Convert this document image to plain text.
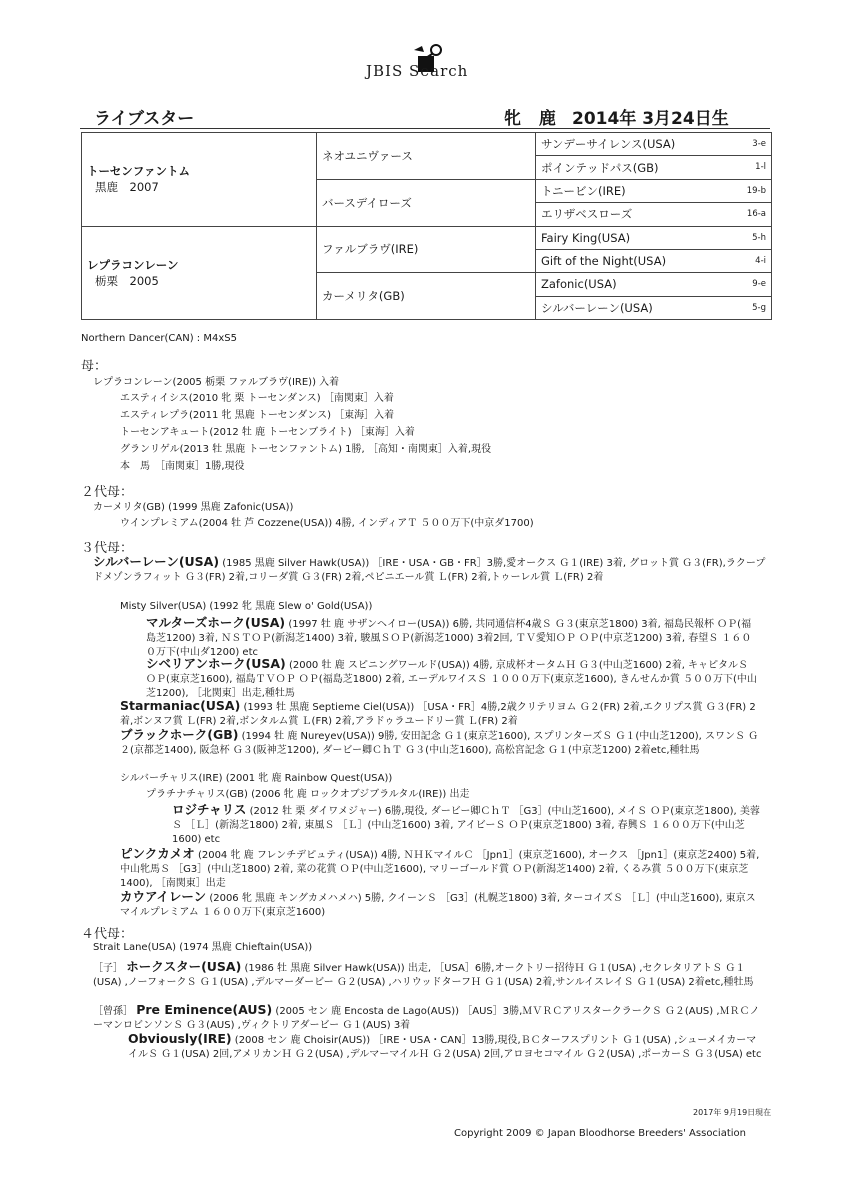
JBIS Search
ライブスター	牝 鹿 2014年 3月24日生
トーセンファントム
黒鹿　2007	ネオユニヴァース	サンデーサイレンス(USA) 3-e

		ポインテッドパス(GB) 1-l

	バースデイローズ	トニービン(IRE) 19-b

		エリザベスローズ 16-a

レプラコンレーン
栃栗　2005	ファルブラヴ(IRE)	Fairy King(USA) 5-h

		Gift of the Night(USA) 4-i

	カーメリタ(GB)	Zafonic(USA) 9-e

		シルバーレーン(USA) 5-g
Northern Dancer(CAN) : M4xS5
母：
レプラコンレーン(2005 栃栗 ファルブラヴ(IRE)) 入着
エスティイシス(2010 牝 栗 トーセンダンス) ［南関東］入着
エスティレプラ(2011 牝 黒鹿 トーセンダンス) ［東海］入着
トーセンアキュート(2012 牡 鹿 トーセンブライト) ［東海］入着
グランリゲル(2013 牡 黒鹿 トーセンファントム) 1勝, ［高知・南関東］入着,現役
本　馬　［南関東］1勝,現役
２代母：
カーメリタ(GB) (1999 黒鹿 Zafonic(USA))
ウインプレミアム(2004 牡 芦 Cozzene(USA)) 4勝, インディアＴ ５００万下(中京ダ1700)
３代母：
シルバーレーン(USA) (1985 黒鹿 Silver Hawk(USA)) ［IRE・USA・GB・FR］3勝,愛オークス Ｇ１(IRE) 3着, グロット賞 Ｇ３(FR),ラクープドメゾンラフィット Ｇ３(FR) 2着,コリーダ賞 Ｇ３(FR) 2着,ペピニエール賞 Ｌ(FR) 2着,トゥーレル賞 Ｌ(FR) 2着
Misty Silver(USA) (1992 牝 黒鹿 Slew o' Gold(USA))
マルターズホーク(USA) (1997 牡 鹿 サザンヘイロー(USA)) 6勝, 共同通信杯4歳Ｓ Ｇ３(東京芝1800) 3着, 福島民報杯 ＯＰ(福島芝1200) 3着, ＮＳＴＯＰ(新潟芝1400) 3着, 駿風ＳＯＰ(新潟芝1000) 3着2回, ＴＶ愛知ＯＰ ＯＰ(中京芝1200) 3着, 春望Ｓ １６００万下(中山ダ1200) etc
シベリアンホーク(USA) (2000 牡 鹿 スピニングワールド(USA)) 4勝, 京成杯オータムＨ Ｇ３(中山芝1600) 2着, キャピタルＳ ＯＰ(東京芝1600), 福島ＴＶＯＰ ＯＰ(福島芝1800) 2着, エーデルワイスＳ １０００万下(東京芝1600), きんせんか賞 ５００万下(中山芝1200), ［北関東］出走,種牡馬
Starmaniac(USA) (1993 牡 黒鹿 Septieme Ciel(USA)) ［USA・FR］4勝,2歳クリテリヨム Ｇ２(FR) 2着,エクリプス賞 Ｇ３(FR) 2着,ボンヌフ賞 Ｌ(FR) 2着,ボンタルム賞 Ｌ(FR) 2着,アラドゥラユードリー賞 Ｌ(FR) 2着
ブラックホーク(GB) (1994 牡 鹿 Nureyev(USA)) 9勝, 安田記念 Ｇ１(東京芝1600), スプリンターズＳ Ｇ１(中山芝1200), スワンＳ Ｇ２(京都芝1400), 阪急杯 Ｇ３(阪神芝1200), ダービー卿ＣｈＴ Ｇ３(中山芝1600), 高松宮記念 Ｇ１(中京芝1200) 2着etc,種牡馬
シルバーチャリス(IRE) (2001 牝 鹿 Rainbow Quest(USA))
プラチナチャリス(GB) (2006 牝 鹿 ロックオブジブラルタル(IRE)) 出走
ロジチャリス (2012 牡 栗 ダイワメジャー) 6勝,現役, ダービー卿ＣｈＴ ［G3］(中山芝1600), メイＳ ＯＰ(東京芝1800), 美蓉Ｓ ［Ｌ］(新潟芝1800) 2着, 東風Ｓ ［Ｌ］(中山芝1600) 3着, アイビーＳ ＯＰ(東京芝1800) 3着, 春興Ｓ １６００万下(中山芝1600) etc
ピンクカメオ (2004 牝 鹿 フレンチデピュティ(USA)) 4勝, ＮＨＫマイルＣ ［Jpn1］(東京芝1600), オークス ［Jpn1］(東京芝2400) 5着, 中山牝馬Ｓ ［G3］(中山芝1800) 2着, 菜の花賞 ＯＰ(中山芝1600), マリーゴールド賞 ＯＰ(新潟芝1400) 2着, くるみ賞 ５００万下(東京芝1400), ［南関東］出走
カウアイレーン (2006 牝 黒鹿 キングカメハメハ) 5勝, クイーンＳ ［G3］(札幌芝1800) 3着, ターコイズＳ ［Ｌ］(中山芝1600), 東京スマイルプレミアム １６００万下(東京芝1600)
４代母：
Strait Lane(USA) (1974 黒鹿 Chieftain(USA))
［子］ ホークスター(USA) (1986 牡 黒鹿 Silver Hawk(USA)) 出走, ［USA］6勝,オークトリー招待Ｈ Ｇ１(USA) ,セクレタリアトＳ Ｇ１(USA) ,ノーフォークＳ Ｇ１(USA) ,デルマーダービー Ｇ２(USA) ,ハリウッドターフＨ Ｇ１(USA) 2着,サンルイスレイＳ Ｇ１(USA) 2着etc,種牡馬
［曾孫］ Pre Eminence(AUS) (2005 セン 鹿 Encosta de Lago(AUS)) ［AUS］3勝,ＭＶＲＣアリスタークラークＳ Ｇ２(AUS) ,ＭＲＣノーマンロビンソンＳ Ｇ３(AUS) ,ヴィクトリアダービー Ｇ１(AUS) 3着
Obviously(IRE) (2008 セン 鹿 Choisir(AUS)) ［IRE・USA・CAN］13勝,現役,ＢＣターフスプリント Ｇ１(USA) ,シューメイカーマイルＳ Ｇ１(USA) 2回,アメリカンＨ Ｇ２(USA) ,デルマーマイルＨ Ｇ２(USA) 2回,アロヨセコマイル Ｇ２(USA) ,ポーカーＳ Ｇ３(USA) etc
2017年 9月19日現在
Copyright 2009 © Japan Bloodhorse Breeders' Association
